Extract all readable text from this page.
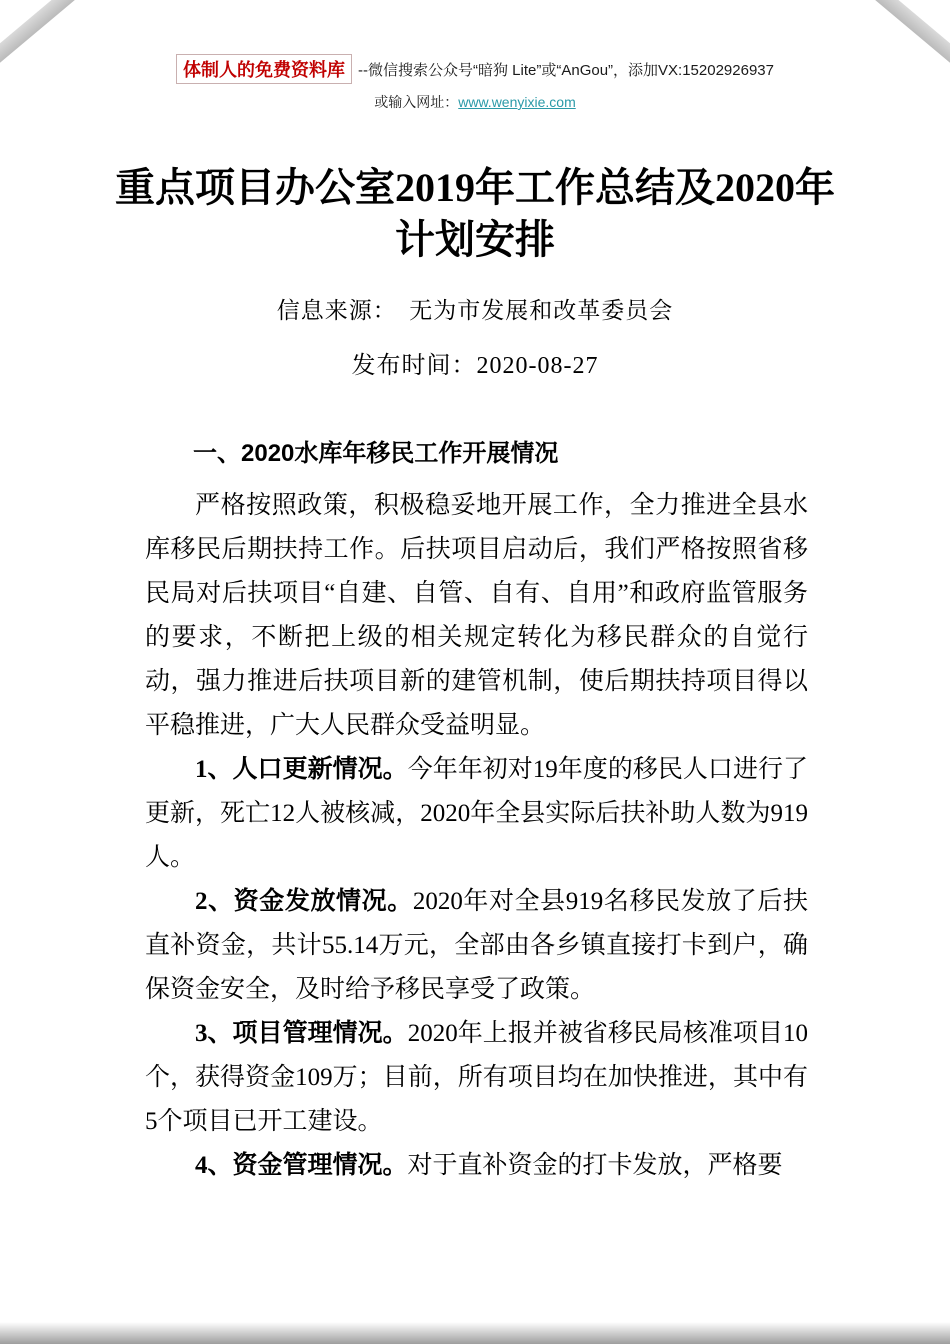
体制人的免费资料库 --微信搜索公众号“暗狗 Lite”或“AnGou”，添加VX:15202926937
或输入网址：www.wenyixie.com
重点项目办公室2019年工作总结及2020年
计划安排
信息来源：　无为市发展和改革委员会
发布时间：2020-08-27

一、2020水库年移民工作开展情况

严格按照政策，积极稳妥地开展工作，全力推进全县水库移民后期扶持工作。后扶项目启动后，我们严格按照省移民局对后扶项目“自建、自管、自有、自用”和政府监管服务的要求，不断把上级的相关规定转化为移民群众的自觉行动，强力推进后扶项目新的建管机制，使后期扶持项目得以平稳推进，广大人民群众受益明显。

1、人口更新情况。今年年初对19年度的移民人口进行了更新，死亡12人被核减，2020年全县实际后扶补助人数为919人。

2、资金发放情况。2020年对全县919名移民发放了后扶直补资金，共计55.14万元，全部由各乡镇直接打卡到户，确保资金安全，及时给予移民享受了政策。

3、项目管理情况。2020年上报并被省移民局核准项目10个，获得资金109万；目前，所有项目均在加快推进，其中有5个项目已开工建设。

4、资金管理情况。对于直补资金的打卡发放，严格要
